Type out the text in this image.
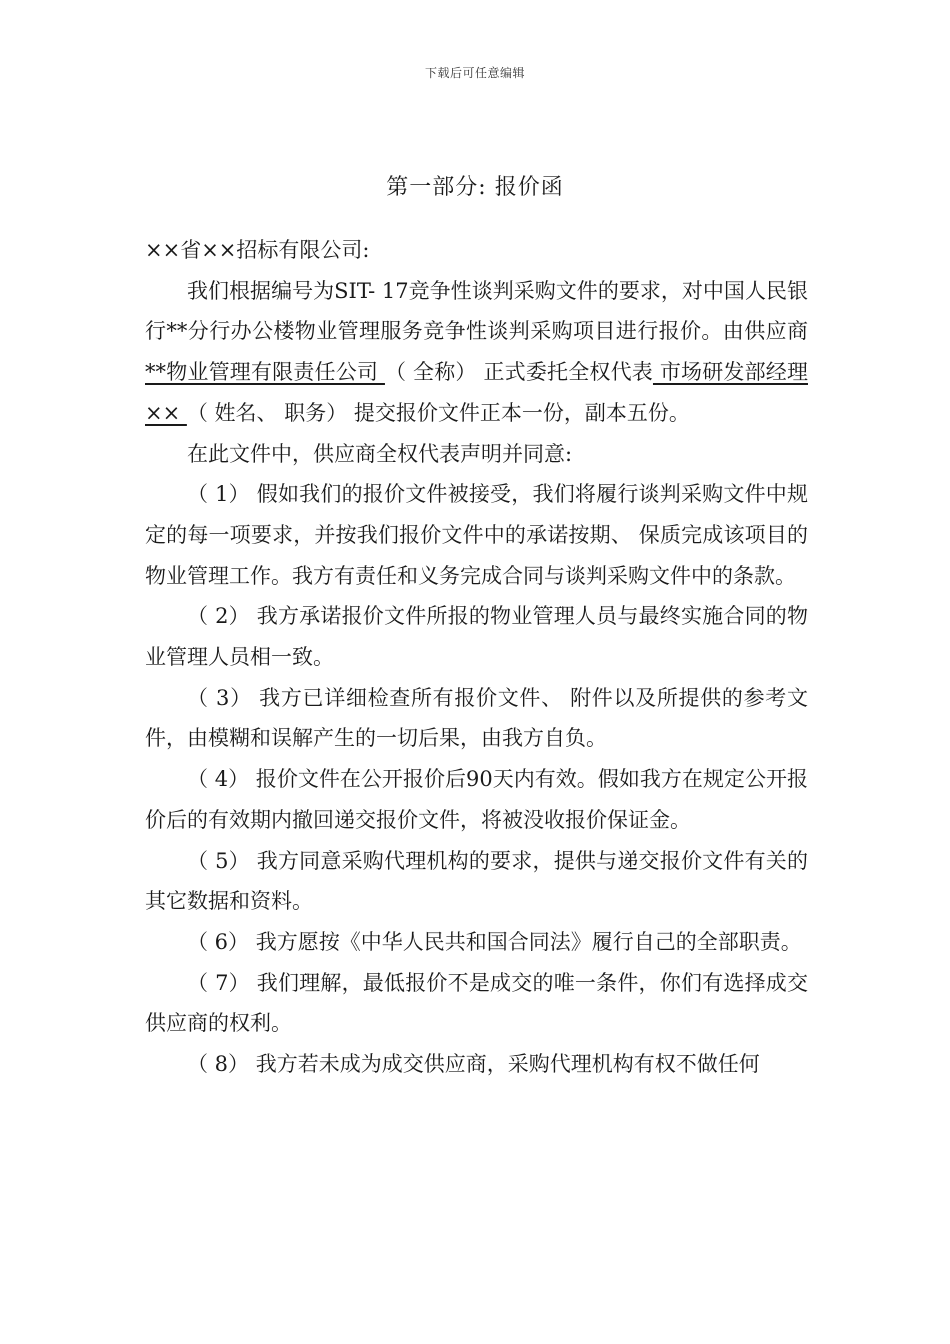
下载后可任意编辑
第一部分: 报价函

××省××招标有限公司:

我们根据编号为SIT- 17竞争性谈判采购文件的要求，对中国人民银行**分行办公楼物业管理服务竞争性谈判采购项目进行报价。由供应商 **物业管理有限责任公司 （ 全称） 正式委托全权代表 市场研发部经理 ×× （ 姓名、 职务） 提交报价文件正本一份，副本五份。

在此文件中，供应商全权代表声明并同意:

（ 1） 假如我们的报价文件被接受，我们将履行谈判采购文件中规定的每一项要求，并按我们报价文件中的承诺按期、 保质完成该项目的物业管理工作。我方有责任和义务完成合同与谈判采购文件中的条款。

（ 2） 我方承诺报价文件所报的物业管理人员与最终实施合同的物业管理人员相一致。

（ 3） 我方已详细检查所有报价文件、 附件以及所提供的参考文件，由模糊和误解产生的一切后果，由我方自负。

（ 4） 报价文件在公开报价后90天内有效。假如我方在规定公开报价后的有效期内撤回递交报价文件，将被没收报价保证金。

（ 5） 我方同意采购代理机构的要求，提供与递交报价文件有关的其它数据和资料。

（ 6） 我方愿按《中华人民共和国合同法》履行自己的全部职责。

（ 7） 我们理解，最低报价不是成交的唯一条件，你们有选择成交供应商的权利。

（ 8） 我方若未成为成交供应商，采购代理机构有权不做任何
